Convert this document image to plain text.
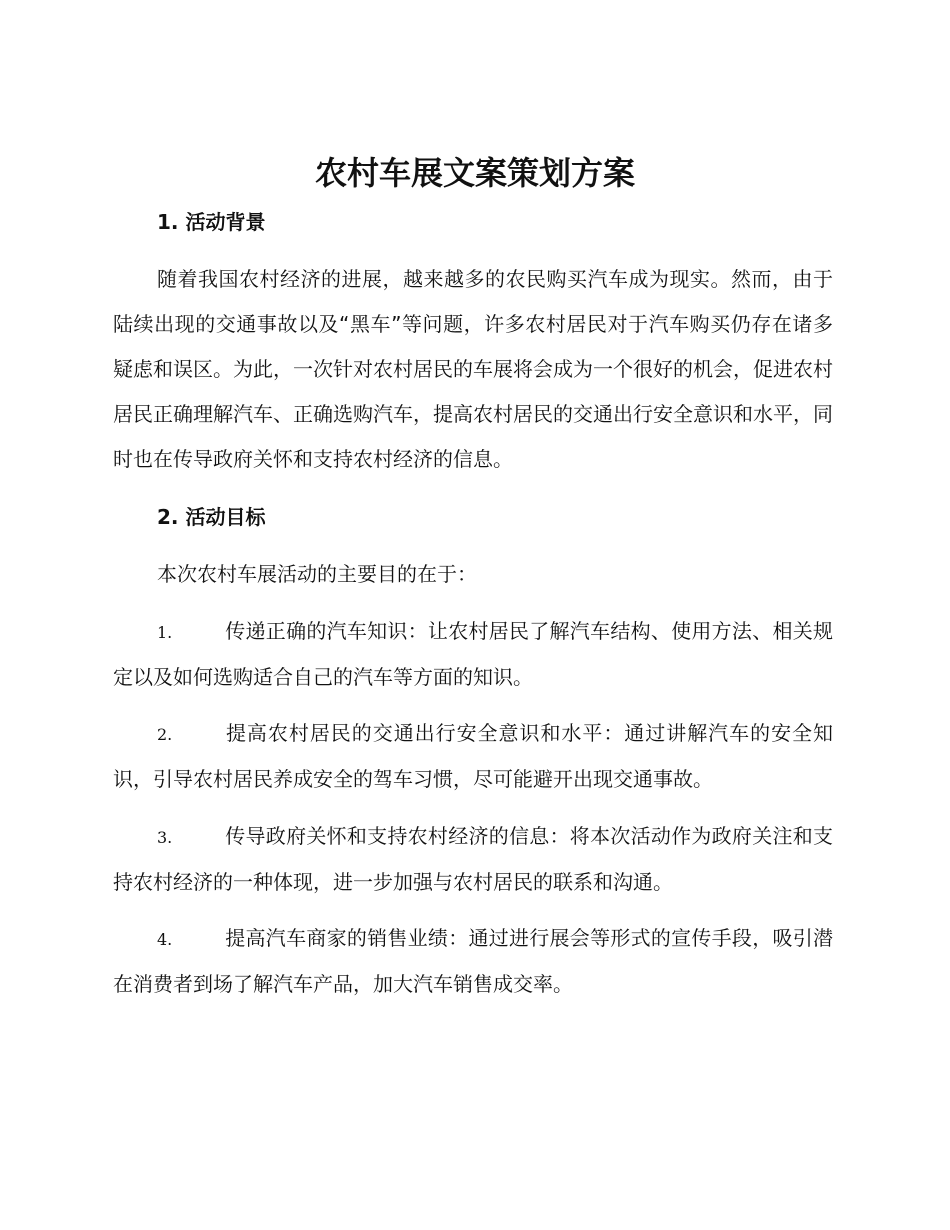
农村车展文案策划方案
1. 活动背景
随着我国农村经济的进展，越来越多的农民购买汽车成为现实。然而，由于陆续出现的交通事故以及“黑车”等问题，许多农村居民对于汽车购买仍存在诸多疑虑和误区。为此，一次针对农村居民的车展将会成为一个很好的机会，促进农村居民正确理解汽车、正确选购汽车，提高农村居民的交通出行安全意识和水平，同时也在传导政府关怀和支持农村经济的信息。
2. 活动目标
本次农村车展活动的主要目的在于：
1.	传递正确的汽车知识：让农村居民了解汽车结构、使用方法、相关规定以及如何选购适合自己的汽车等方面的知识。
2.	提高农村居民的交通出行安全意识和水平：通过讲解汽车的安全知识，引导农村居民养成安全的驾车习惯，尽可能避开出现交通事故。
3.	传导政府关怀和支持农村经济的信息：将本次活动作为政府关注和支持农村经济的一种体现，进一步加强与农村居民的联系和沟通。
4.	提高汽车商家的销售业绩：通过进行展会等形式的宣传手段，吸引潜在消费者到场了解汽车产品，加大汽车销售成交率。
